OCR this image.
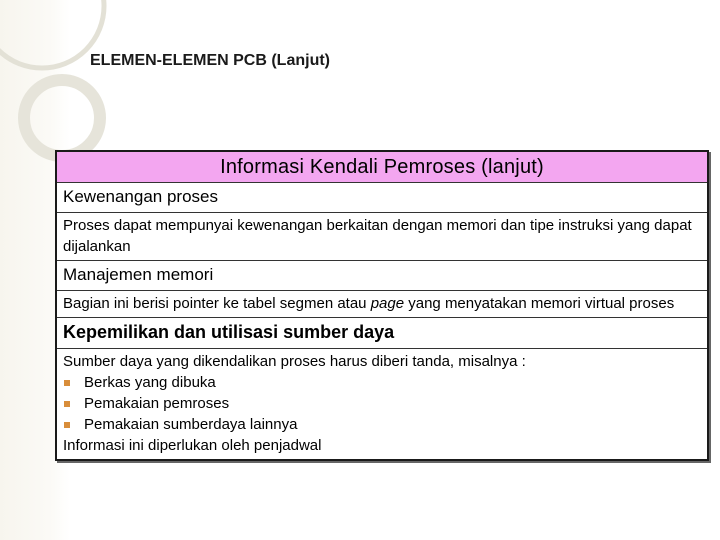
ELEMEN-ELEMEN PCB (Lanjut)
Informasi Kendali Pemroses (lanjut)
Kewenangan proses
Proses dapat mempunyai kewenangan berkaitan dengan memori dan tipe instruksi yang dapat dijalankan
Manajemen memori
Bagian ini berisi pointer ke tabel segmen atau page yang menyatakan memori virtual proses
Kepemilikan dan utilisasi sumber daya
Sumber daya yang dikendalikan proses harus diberi tanda, misalnya :
Berkas yang dibuka
Pemakaian pemroses
Pemakaian sumberdaya lainnya
Informasi ini diperlukan oleh penjadwal
